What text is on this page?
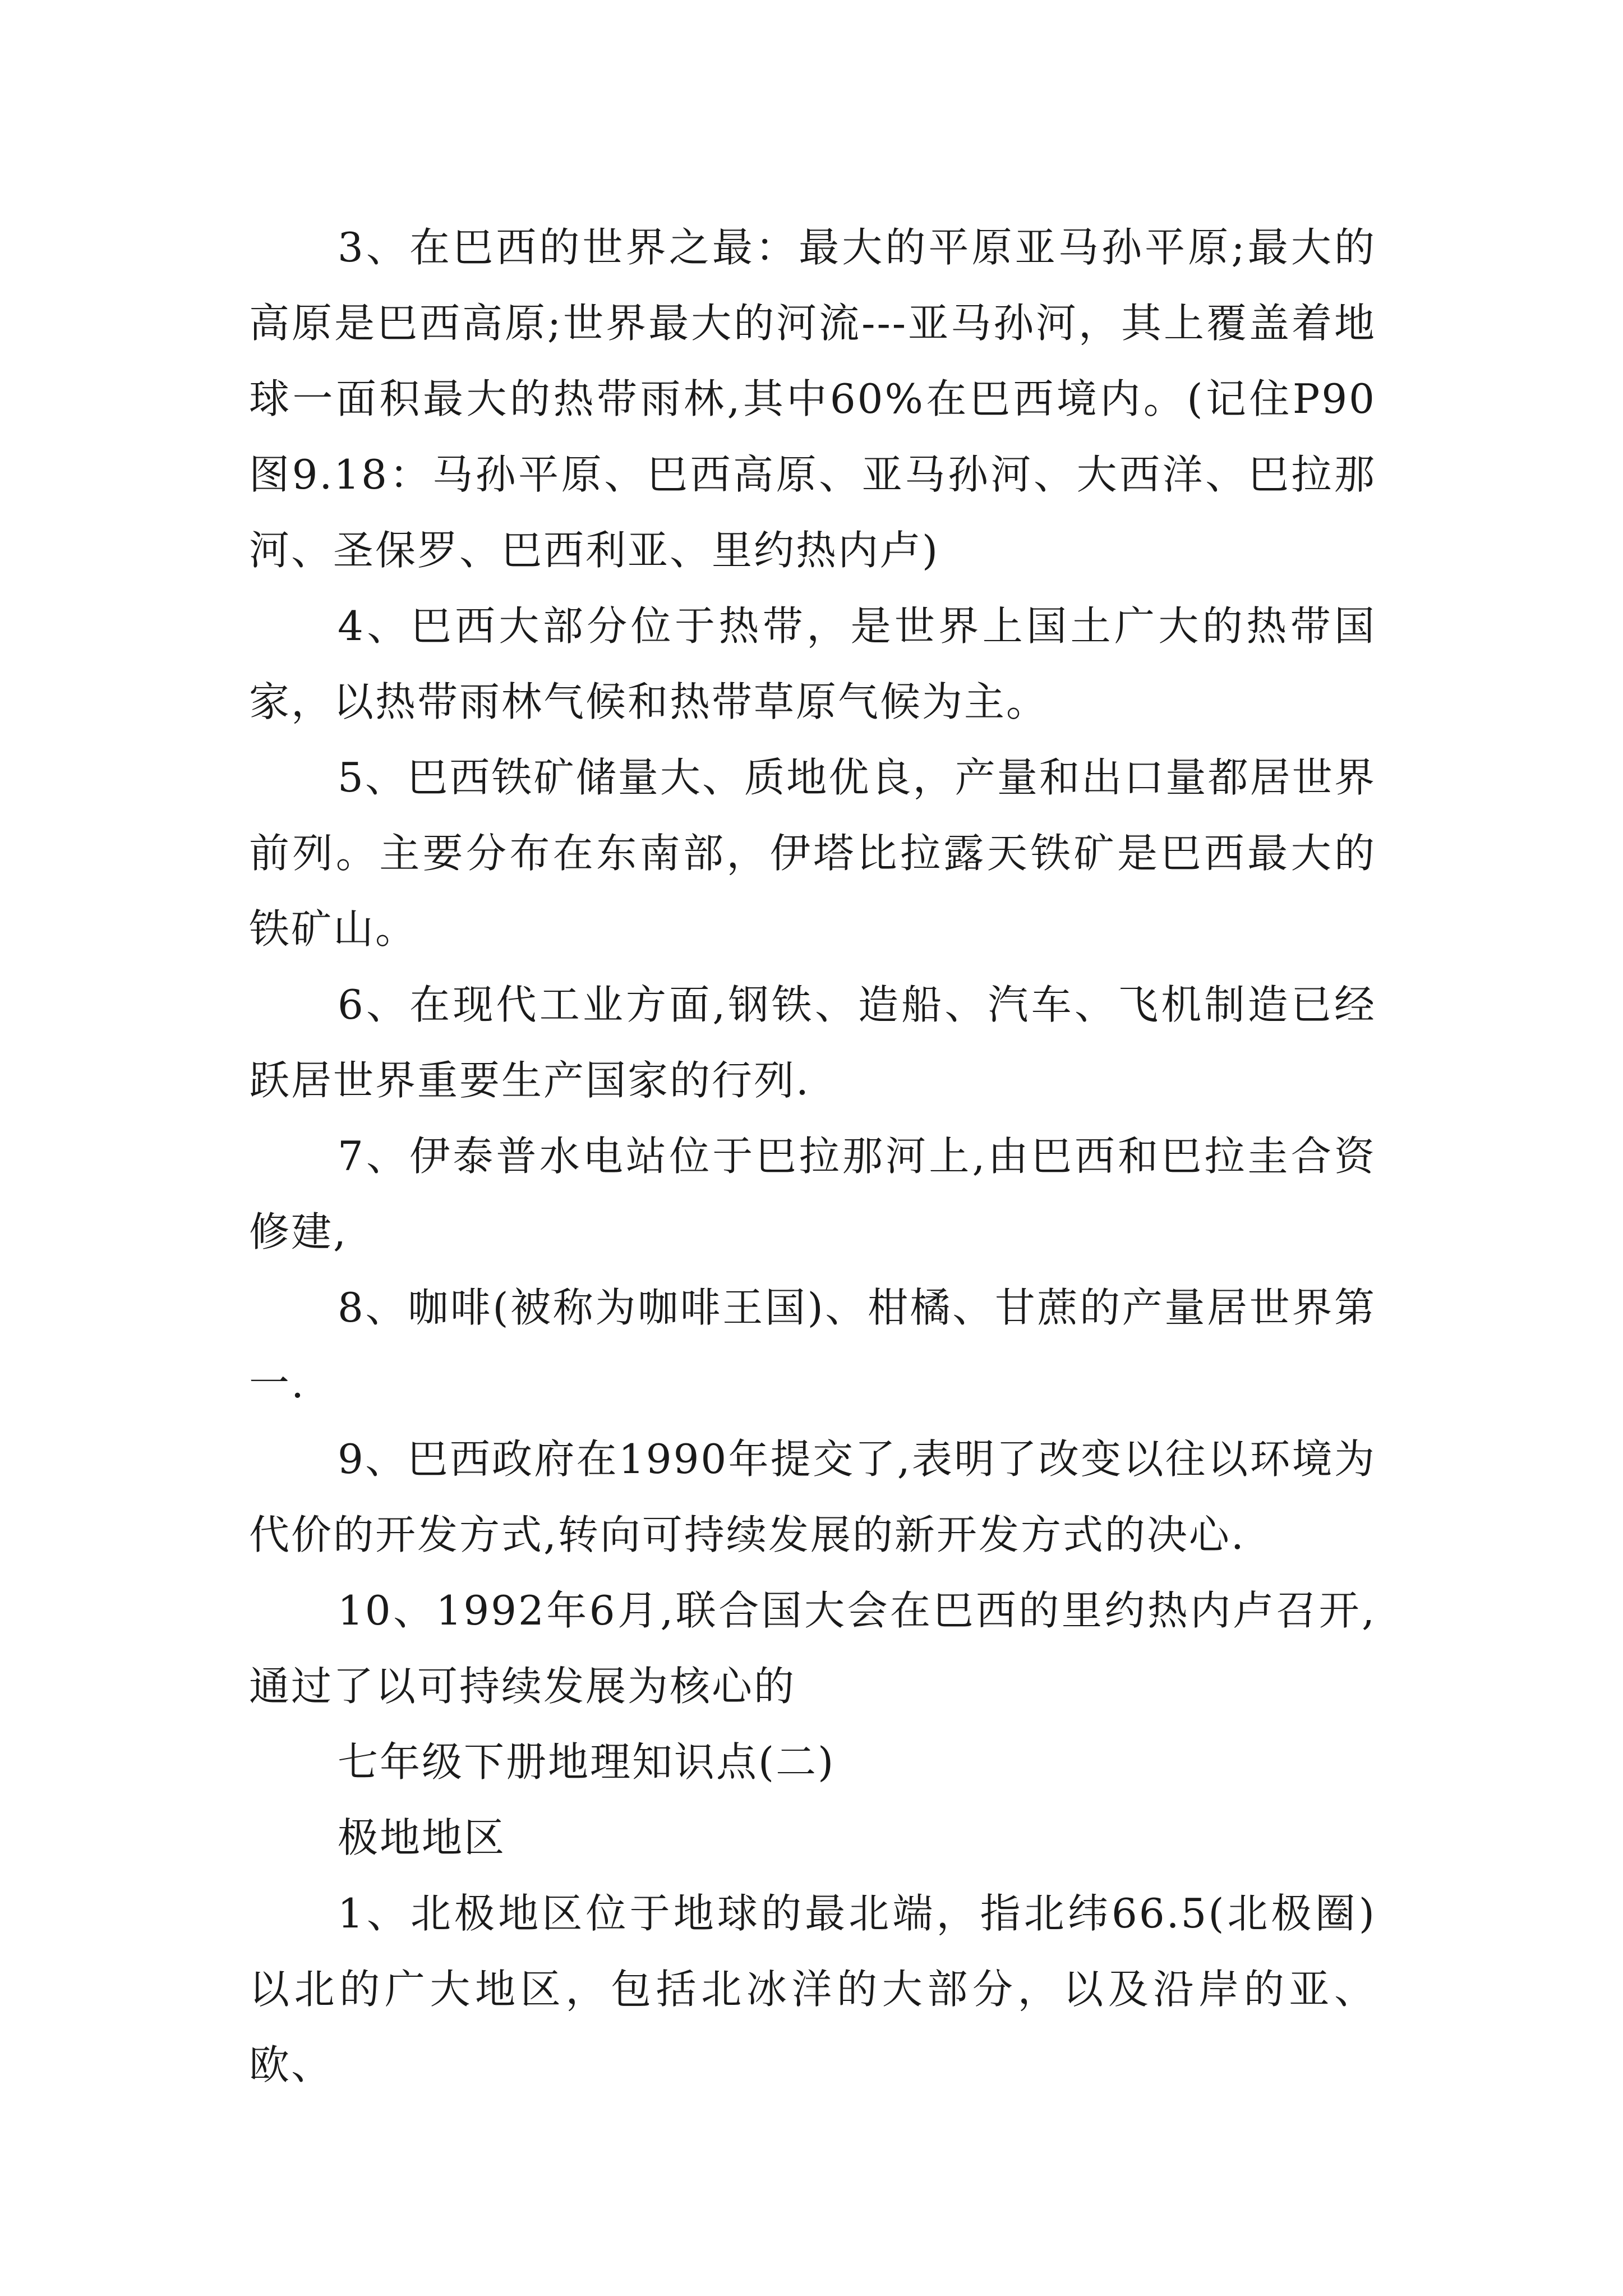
3、在巴西的世界之最：最大的平原亚马孙平原;最大的高原是巴西高原;世界最大的河流---亚马孙河，其上覆盖着地球一面积最大的热带雨林,其中60%在巴西境内。(记住P90图9.18：马孙平原、巴西高原、亚马孙河、大西洋、巴拉那河、圣保罗、巴西利亚、里约热内卢)

4、巴西大部分位于热带，是世界上国土广大的热带国家，以热带雨林气候和热带草原气候为主。

5、巴西铁矿储量大、质地优良，产量和出口量都居世界前列。主要分布在东南部，伊塔比拉露天铁矿是巴西最大的铁矿山。

6、在现代工业方面,钢铁、造船、汽车、飞机制造已经跃居世界重要生产国家的行列.

7、伊泰普水电站位于巴拉那河上,由巴西和巴拉圭合资修建,

8、咖啡(被称为咖啡王国)、柑橘、甘蔗的产量居世界第一.

9、巴西政府在1990年提交了,表明了改变以往以环境为代价的开发方式,转向可持续发展的新开发方式的决心.

10、1992年6月,联合国大会在巴西的里约热内卢召开,通过了以可持续发展为核心的

七年级下册地理知识点(二)

极地地区

1、北极地区位于地球的最北端，指北纬66.5(北极圈)以北的广大地区，包括北冰洋的大部分，以及沿岸的亚、欧、
